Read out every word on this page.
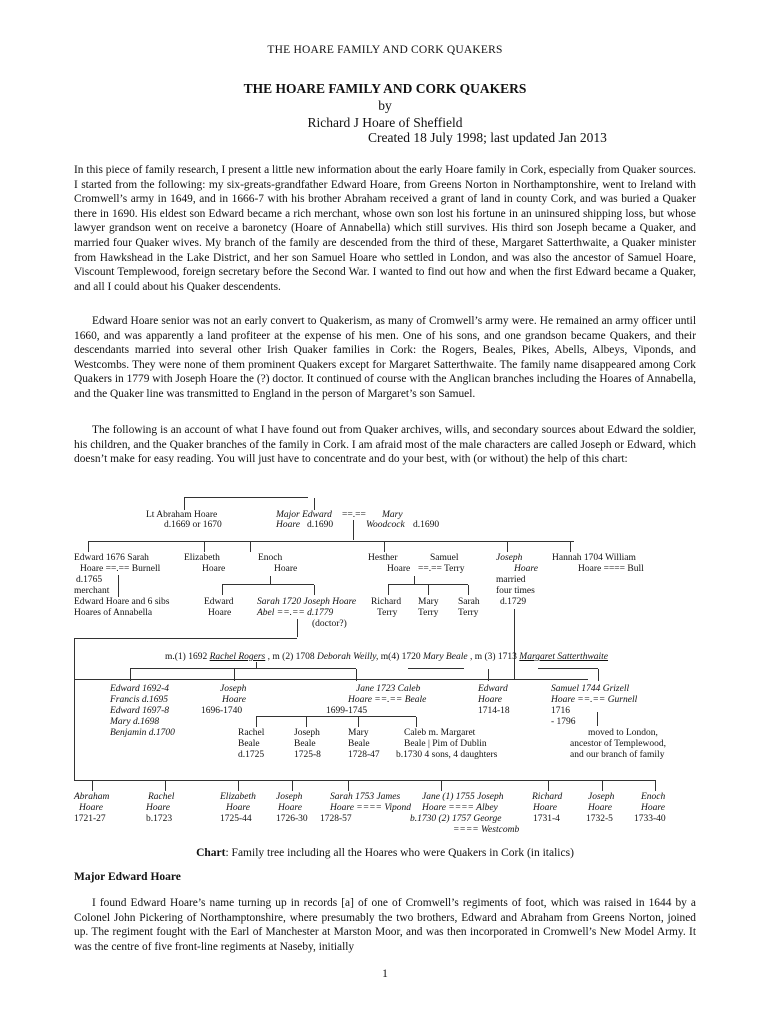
THE HOARE FAMILY AND CORK QUAKERS
THE HOARE FAMILY AND CORK QUAKERS
by
Richard J Hoare of Sheffield
Created 18 July 1998; last updated Jan 2013

In this piece of family research, I present a little new information about the early Hoare family in Cork, especially from Quaker sources. I started from the following: my six-greats-grandfather Edward Hoare, from Greens Norton in Northamptonshire, went to Ireland with Cromwell’s army in 1649, and in 1666-7 with his brother Abraham received a grant of land in county Cork, and was buried a Quaker there in 1690. His eldest son Edward became a rich merchant, whose own son lost his fortune in an uninsured shipping loss, but whose lawyer grandson went on receive a baronetcy (Hoare of Annabella) which still survives. His third son Joseph became a Quaker, and married four Quaker wives. My branch of the family are descended from the third of these, Margaret Satterthwaite, a Quaker minister from Hawkshead in the Lake District, and her son Samuel Hoare who settled in London, and was also the ancestor of Samuel Hoare, Viscount Templewood, foreign secretary before the Second War. I wanted to find out how and when the first Edward became a Quaker, and all I could about his Quaker descendents.

Edward Hoare senior was not an early convert to Quakerism, as many of Cromwell’s army were. He remained an army officer until 1660, and was apparently a land profiteer at the expense of his men. One of his sons, and one grandson became Quakers, and their descendants married into several other Irish Quaker families in Cork: the Rogers, Beales, Pikes, Abells, Albeys, Viponds, and Westcombs. They were none of them prominent Quakers except for Margaret Satterthwaite. The family name disappeared among Cork Quakers in 1779 with Joseph Hoare the (?) doctor. It continued of course with the Anglican branches including the Hoares of Annabella, and the Quaker line was transmitted to England in the person of Margaret’s son Samuel.

The following is an account of what I have found out from Quaker archives, wills, and secondary sources about Edward the soldier, his children, and the Quaker branches of the family in Cork. I am afraid most of the male characters are called Joseph or Edward, which doesn’t make for easy reading. You will just have to concentrate and do your best, with (or without) the help of this chart:

Lt Abraham Hoare
d.1669 or 1670
Major Edward ==.==
Hoare d.1690
Mary
Woodcock d.1690
Edward 1676 Sarah
Hoare ==.== Burnell
d.1765
merchant
Edward Hoare and 6 sibs
Hoares of Annabella
Elizabeth
Hoare
Enoch
Hoare
Hesther
Hoare
Samuel
==.== Terry
Joseph
Hoare
married
four times
d.1729
Hannah 1704 William
Hoare ==== Bull
Edward
Hoare
Sarah 1720 Joseph Hoare
Abel ==.== d.1779
(doctor?)
Richard
Terry
Mary
Terry
Sarah
Terry
m.(1) 1692 Rachel Rogers , m (2) 1708 Deborah Weilly, m(4) 1720 Mary Beale , m (3) 1713 Margaret Satterthwaite
Edward 1692-4
Francis d.1695
Edward 1697-8
Mary d.1698
Benjamin d.1700
Joseph
Hoare
1696-1740
Jane 1723 Caleb
Hoare ==.== Beale
1699-1745
Edward
Hoare
1714-18
Samuel 1744 Grizell
Hoare ==.== Gurnell
1716
- 1796
moved to London,
ancestor of Templewood,
and our branch of family
Rachel
Beale
d.1725
Joseph
Beale
1725-8
Mary
Beale
1728-47
Caleb m. Margaret
Beale | Pim of Dublin
b.1730 4 sons, 4 daughters
Abraham
Hoare
1721-27
Rachel
Hoare
b.1723
Elizabeth
Hoare
1725-44
Joseph
Hoare
1726-30
Sarah 1753 James
Hoare ==== Vipond
1728-57
Jane (1) 1755 Joseph
Hoare ==== Albey
b.1730 (2) 1757 George
==== Westcomb
Richard
Hoare
1731-4
Joseph
Hoare
1732-5
Enoch
Hoare
1733-40
Chart: Family tree including all the Hoares who were Quakers in Cork (in italics)
Major Edward Hoare

I found Edward Hoare’s name turning up in records [a] of one of Cromwell’s regiments of foot, which was raised in 1644 by a Colonel John Pickering of Northamptonshire, where presumably the two brothers, Edward and Abraham from Greens Norton, joined up. The regiment fought with the Earl of Manchester at Marston Moor, and was then incorporated in Cromwell’s New Model Army. It was the centre of five front-line regiments at Naseby, initially

1
